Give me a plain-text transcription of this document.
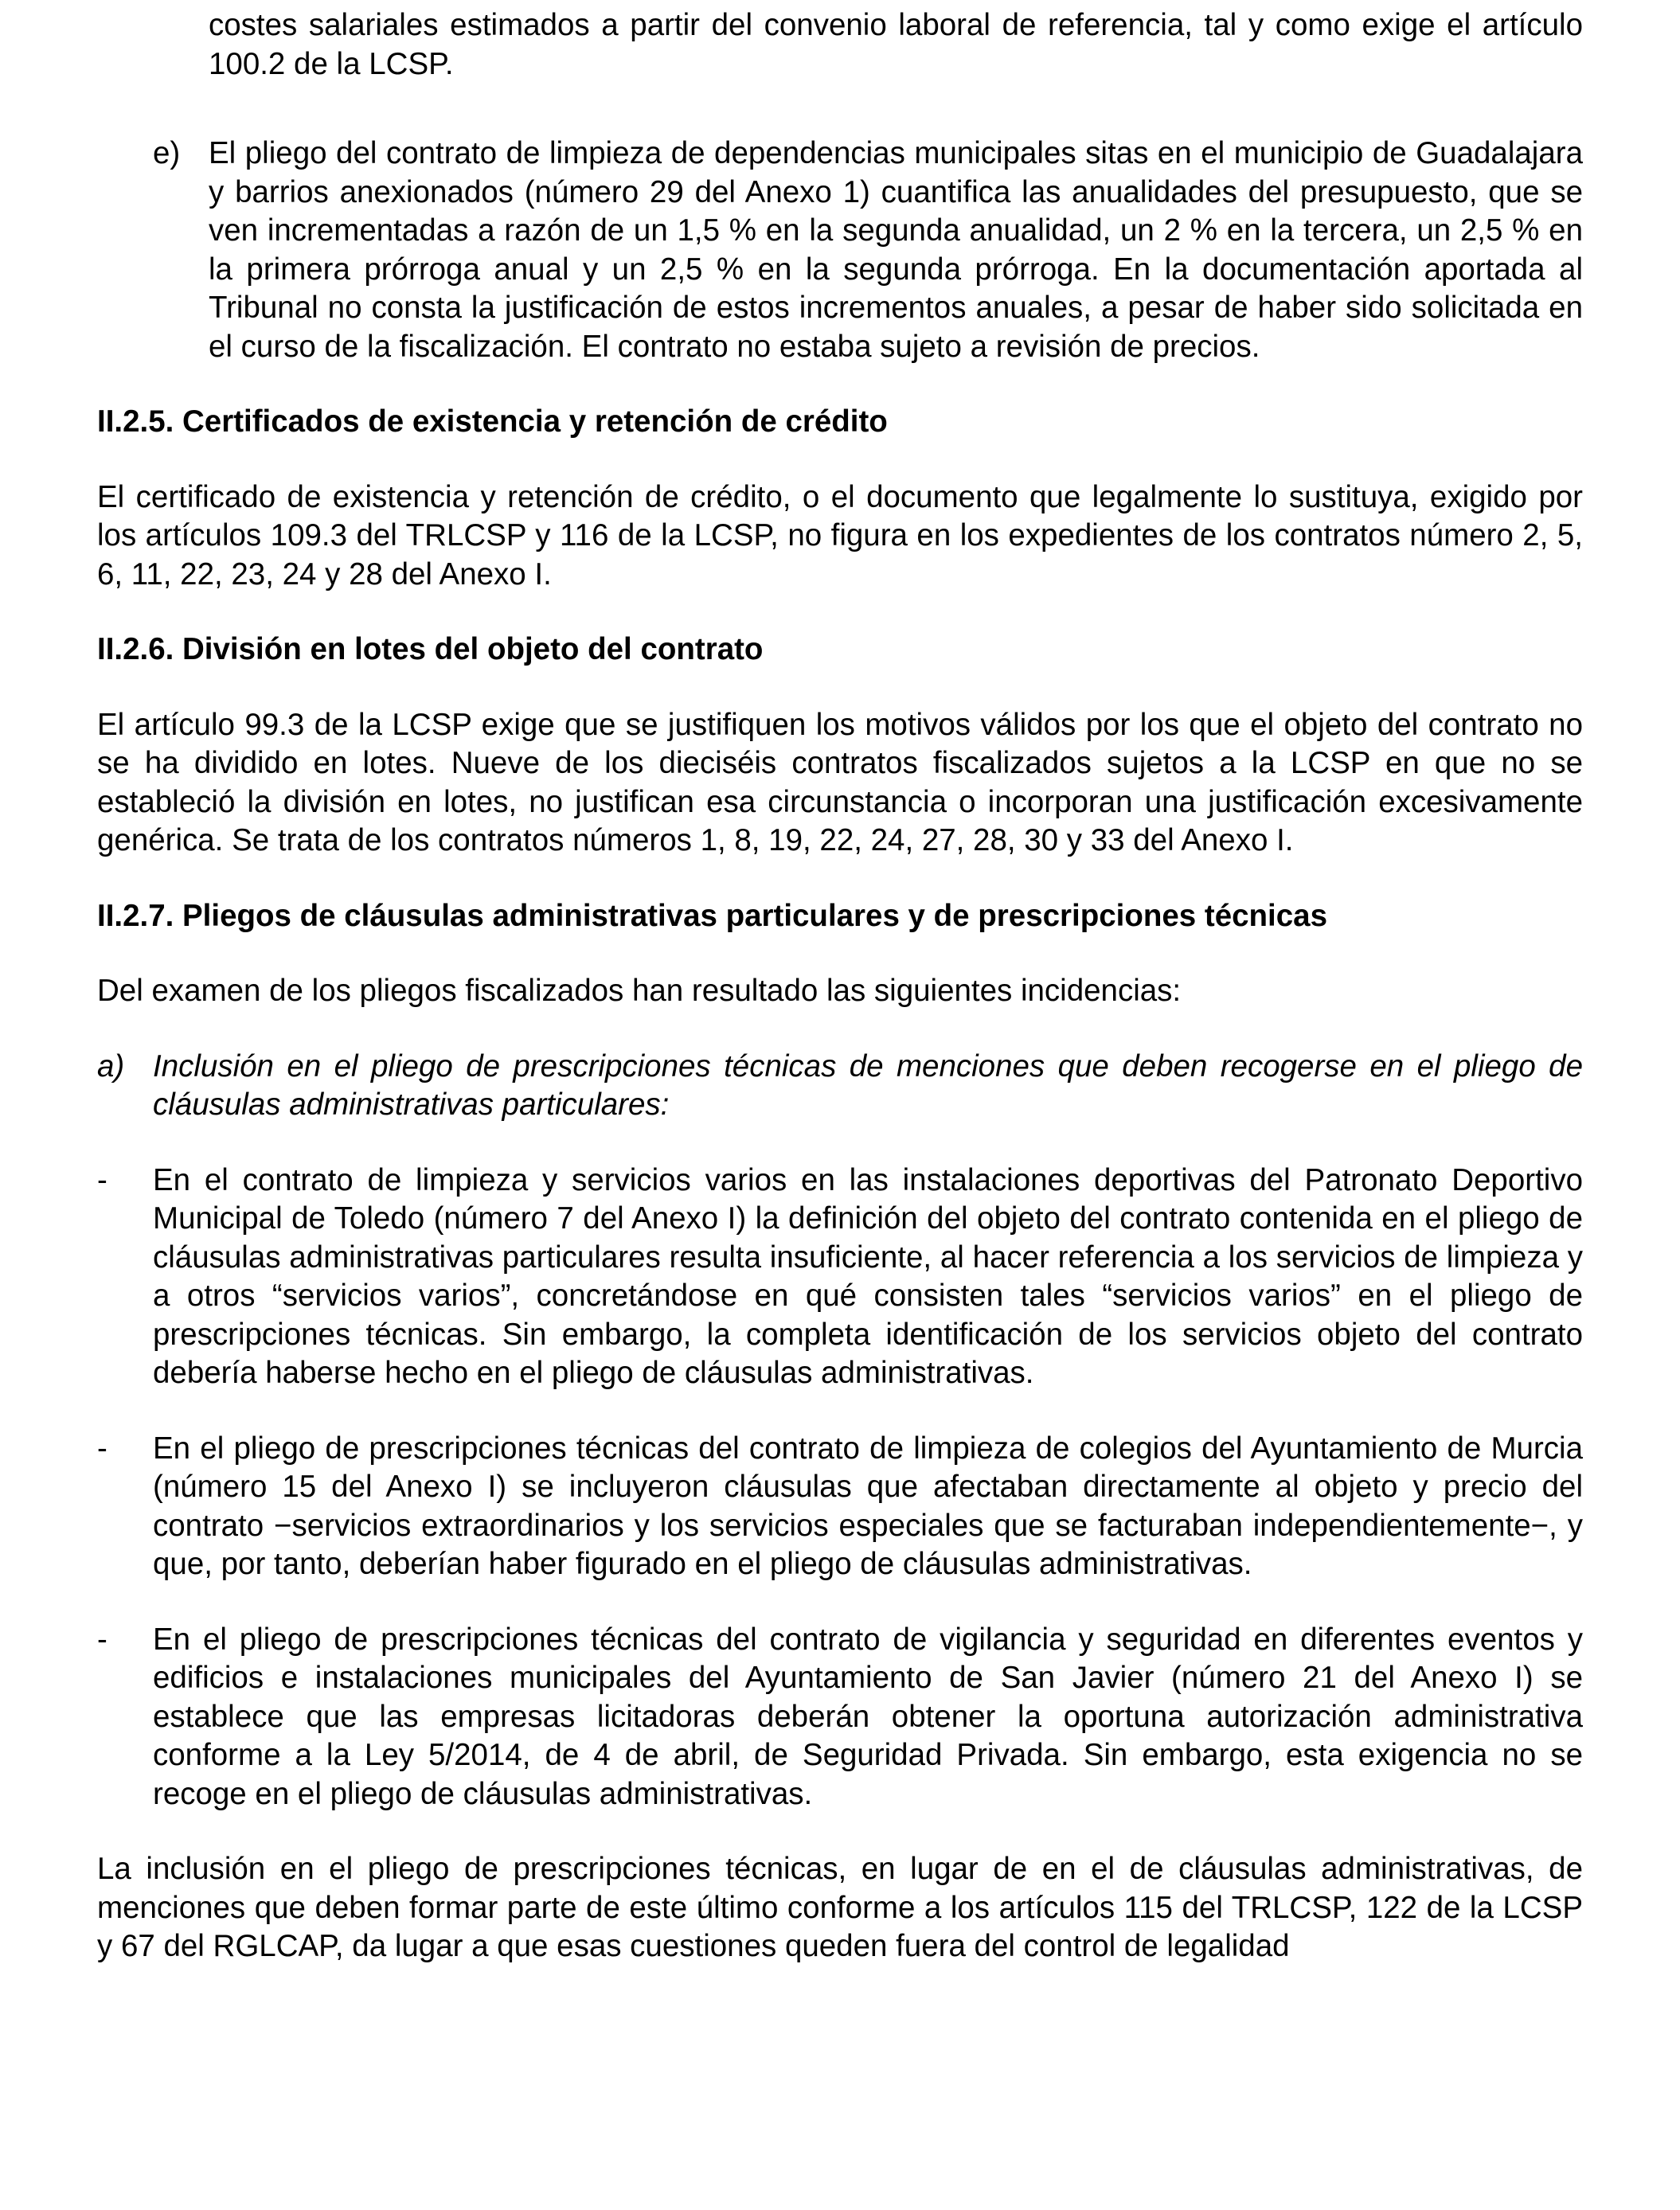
costes salariales estimados a partir del convenio laboral de referencia, tal y como exige el artículo 100.2 de la LCSP.

e) El pliego del contrato de limpieza de dependencias municipales sitas en el municipio de Guadalajara y barrios anexionados (número 29 del Anexo 1) cuantifica las anualidades del presupuesto, que se ven incrementadas a razón de un 1,5 % en la segunda anualidad, un 2 % en la tercera, un 2,5 % en la primera prórroga anual y un 2,5 % en la segunda prórroga. En la documentación aportada al Tribunal no consta la justificación de estos incrementos anuales, a pesar de haber sido solicitada en el curso de la fiscalización. El contrato no estaba sujeto a revisión de precios.

II.2.5. Certificados de existencia y retención de crédito

El certificado de existencia y retención de crédito, o el documento que legalmente lo sustituya, exigido por los artículos 109.3 del TRLCSP y 116 de la LCSP, no figura en los expedientes de los contratos número 2, 5, 6, 11, 22, 23, 24 y 28 del Anexo I.

II.2.6. División en lotes del objeto del contrato

El artículo 99.3 de la LCSP exige que se justifiquen los motivos válidos por los que el objeto del contrato no se ha dividido en lotes. Nueve de los dieciséis contratos fiscalizados sujetos a la LCSP en que no se estableció la división en lotes, no justifican esa circunstancia o incorporan una justificación excesivamente genérica. Se trata de los contratos números 1, 8, 19, 22, 24, 27, 28, 30 y 33 del Anexo I.

II.2.7. Pliegos de cláusulas administrativas particulares y de prescripciones técnicas

Del examen de los pliegos fiscalizados han resultado las siguientes incidencias:

a) Inclusión en el pliego de prescripciones técnicas de menciones que deben recogerse en el pliego de cláusulas administrativas particulares:

- En el contrato de limpieza y servicios varios en las instalaciones deportivas del Patronato Deportivo Municipal de Toledo (número 7 del Anexo I) la definición del objeto del contrato contenida en el pliego de cláusulas administrativas particulares resulta insuficiente, al hacer referencia a los servicios de limpieza y a otros “servicios varios”, concretándose en qué consisten tales “servicios varios” en el pliego de prescripciones técnicas. Sin embargo, la completa identificación de los servicios objeto del contrato debería haberse hecho en el pliego de cláusulas administrativas.

- En el pliego de prescripciones técnicas del contrato de limpieza de colegios del Ayuntamiento de Murcia (número 15 del Anexo I) se incluyeron cláusulas que afectaban directamente al objeto y precio del contrato −servicios extraordinarios y los servicios especiales que se facturaban independientemente−, y que, por tanto, deberían haber figurado en el pliego de cláusulas administrativas.

- En el pliego de prescripciones técnicas del contrato de vigilancia y seguridad en diferentes eventos y edificios e instalaciones municipales del Ayuntamiento de San Javier (número 21 del Anexo I) se establece que las empresas licitadoras deberán obtener la oportuna autorización administrativa conforme a la Ley 5/2014, de 4 de abril, de Seguridad Privada. Sin embargo, esta exigencia no se recoge en el pliego de cláusulas administrativas.

La inclusión en el pliego de prescripciones técnicas, en lugar de en el de cláusulas administrativas, de menciones que deben formar parte de este último conforme a los artículos 115 del TRLCSP, 122 de la LCSP y 67 del RGLCAP, da lugar a que esas cuestiones queden fuera del control de legalidad
